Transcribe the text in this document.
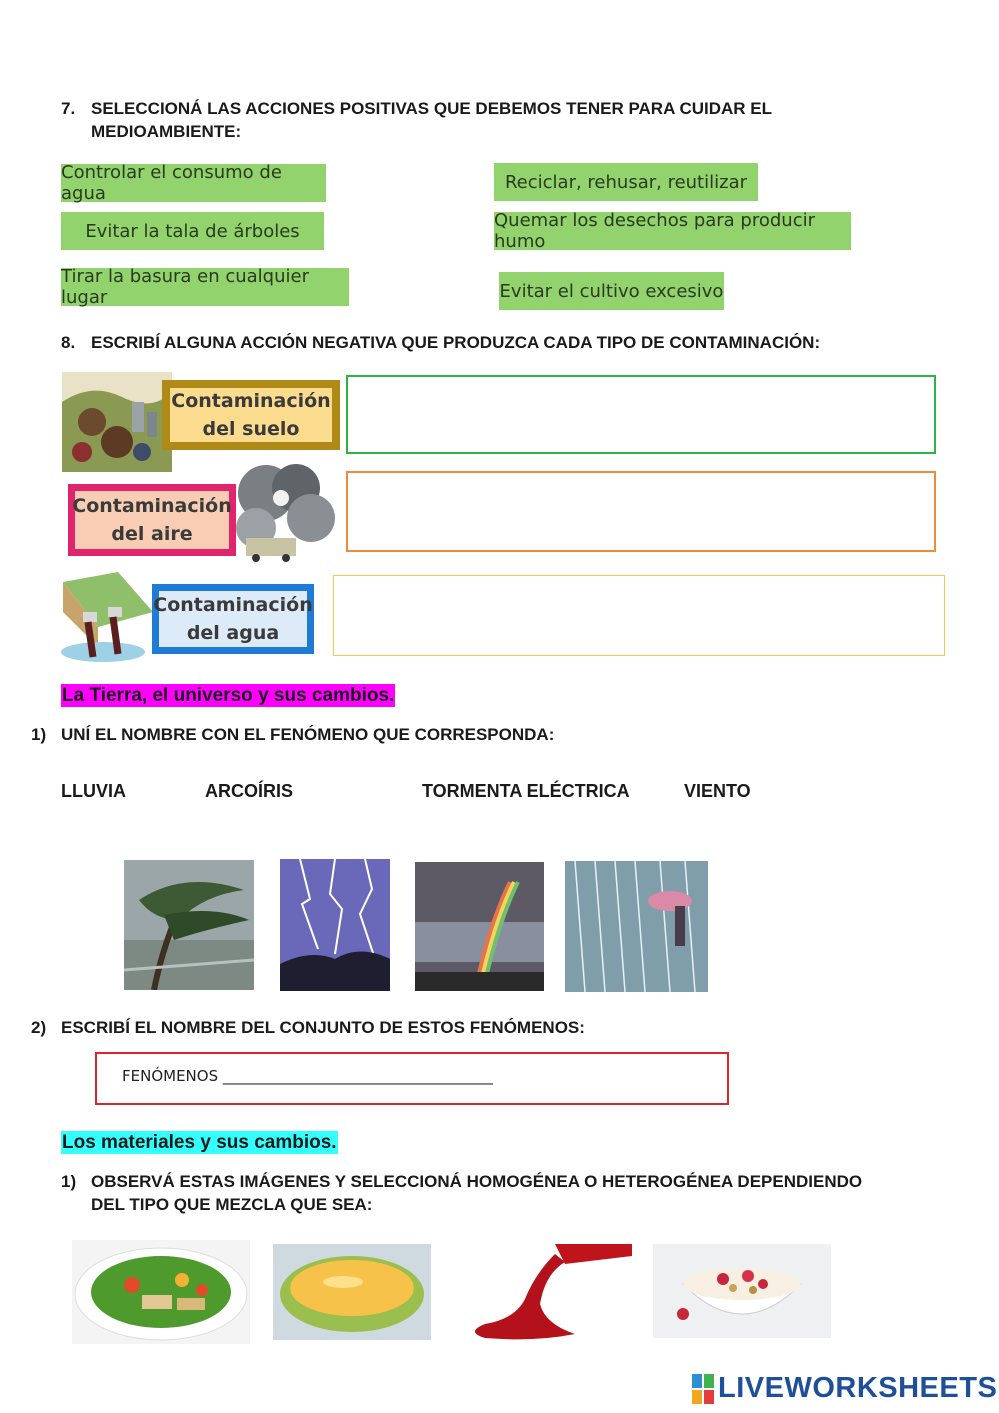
7. SELECCIONÁ LAS ACCIONES POSITIVAS QUE DEBEMOS TENER PARA CUIDAR EL
MEDIOAMBIENTE:
Controlar el consumo de agua
Reciclar, rehusar, reutilizar
Evitar la tala de árboles	Quemar los desechos para producir humo
Tirar la basura en cualquier lugar	Evitar el cultivo excesivo
8. ESCRIBÍ ALGUNA ACCIÓN NEGATIVA QUE PRODUZCA CADA TIPO DE CONTAMINACIÓN:
Contaminación
del suelo
Contaminación
del aire
Contaminación
del agua
La Tierra, el universo y sus cambios.
1) UNÍ EL NOMBRE CON EL FENÓMENO QUE CORRESPONDA:
LLUVIA	ARCOÍRIS	TORMENTA ELÉCTRICA	VIENTO
2) ESCRIBÍ EL NOMBRE DEL CONJUNTO DE ESTOS FENÓMENOS:
FENÓMENOS ____________________________________
Los materiales y sus cambios.
1) OBSERVÁ ESTAS IMÁGENES Y SELECCIONÁ HOMOGÉNEA O HETEROGÉNEA DEPENDIENDO
DEL TIPO QUE MEZCLA QUE SEA:
LIVEWORKSHEETS
